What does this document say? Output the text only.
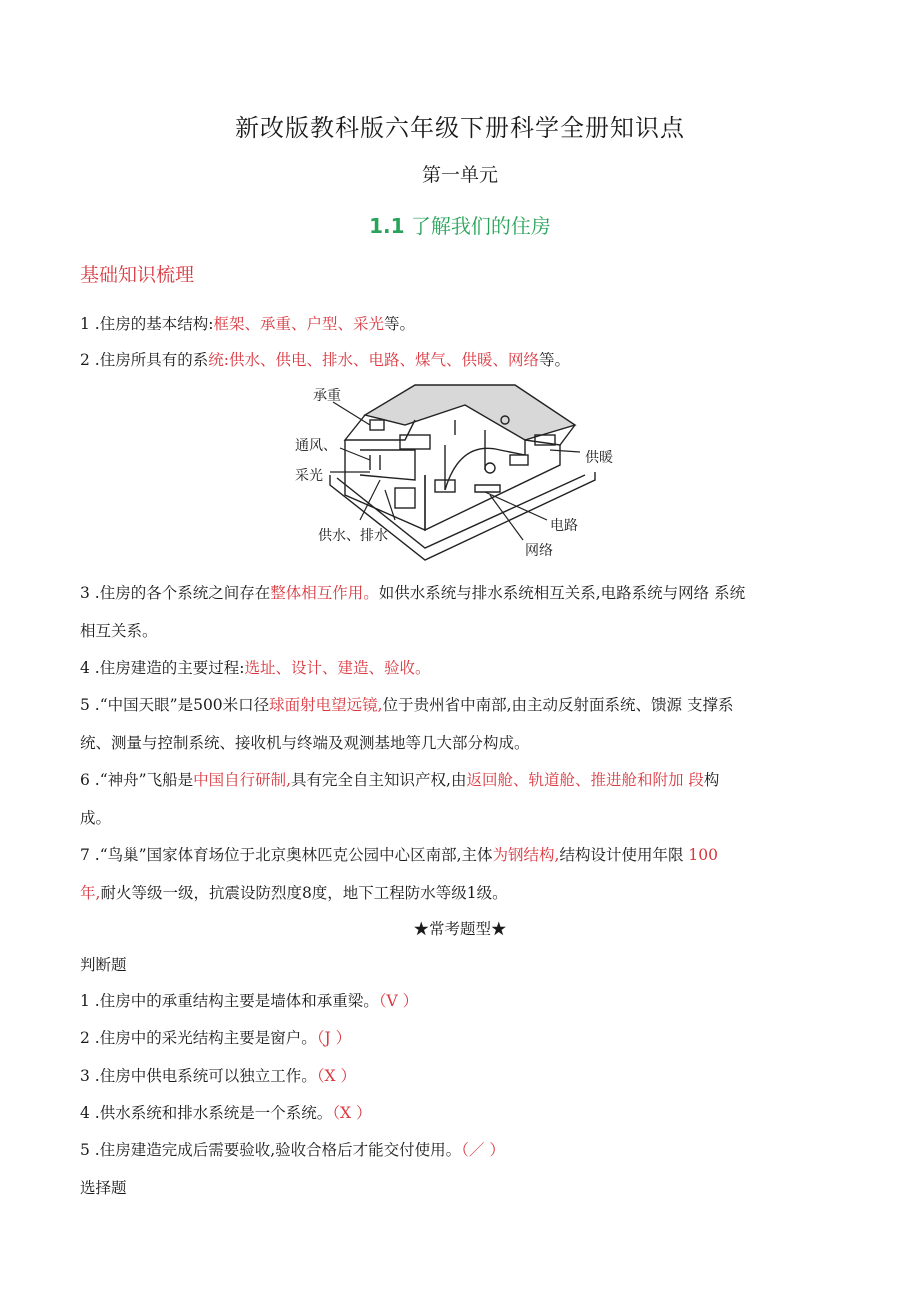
新改版教科版六年级下册科学全册知识点
第一单元
1.1 了解我们的住房
基础知识梳理
1 .住房的基本结构:框架、承重、户型、采光等。
2 .住房所具有的系统:供水、供电、排水、电路、煤气、供暖、网络等。
承重
通风、
采光
供暖
电路
网络
供水、排水
3 .住房的各个系统之间存在整体相互作用。如供水系统与排水系统相互关系,电路系统与网络 系统
相互关系。
4 .住房建造的主要过程:选址、设计、建造、验收。
5 .“中国天眼”是500米口径球面射电望远镜,位于贵州省中南部,由主动反射面系统、馈源 支撑系
统、测量与控制系统、接收机与终端及观测基地等几大部分构成。
6 .“神舟”飞船是中国自行研制,具有完全自主知识产权,由返回舱、轨道舱、推进舱和附加 段构
成。
7 .“鸟巢”国家体育场位于北京奥林匹克公园中心区南部,主体为钢结构,结构设计使用年限 100
年,耐火等级一级，抗震设防烈度8度，地下工程防水等级1级。
★常考题型★
判断题
1 .住房中的承重结构主要是墙体和承重梁。（V ）
2 .住房中的采光结构主要是窗户。（J ）
3 .住房中供电系统可以独立工作。（X ）
4 .供水系统和排水系统是一个系统。（X ）
5 .住房建造完成后需要验收,验收合格后才能交付使用。（／ ）
选择题
